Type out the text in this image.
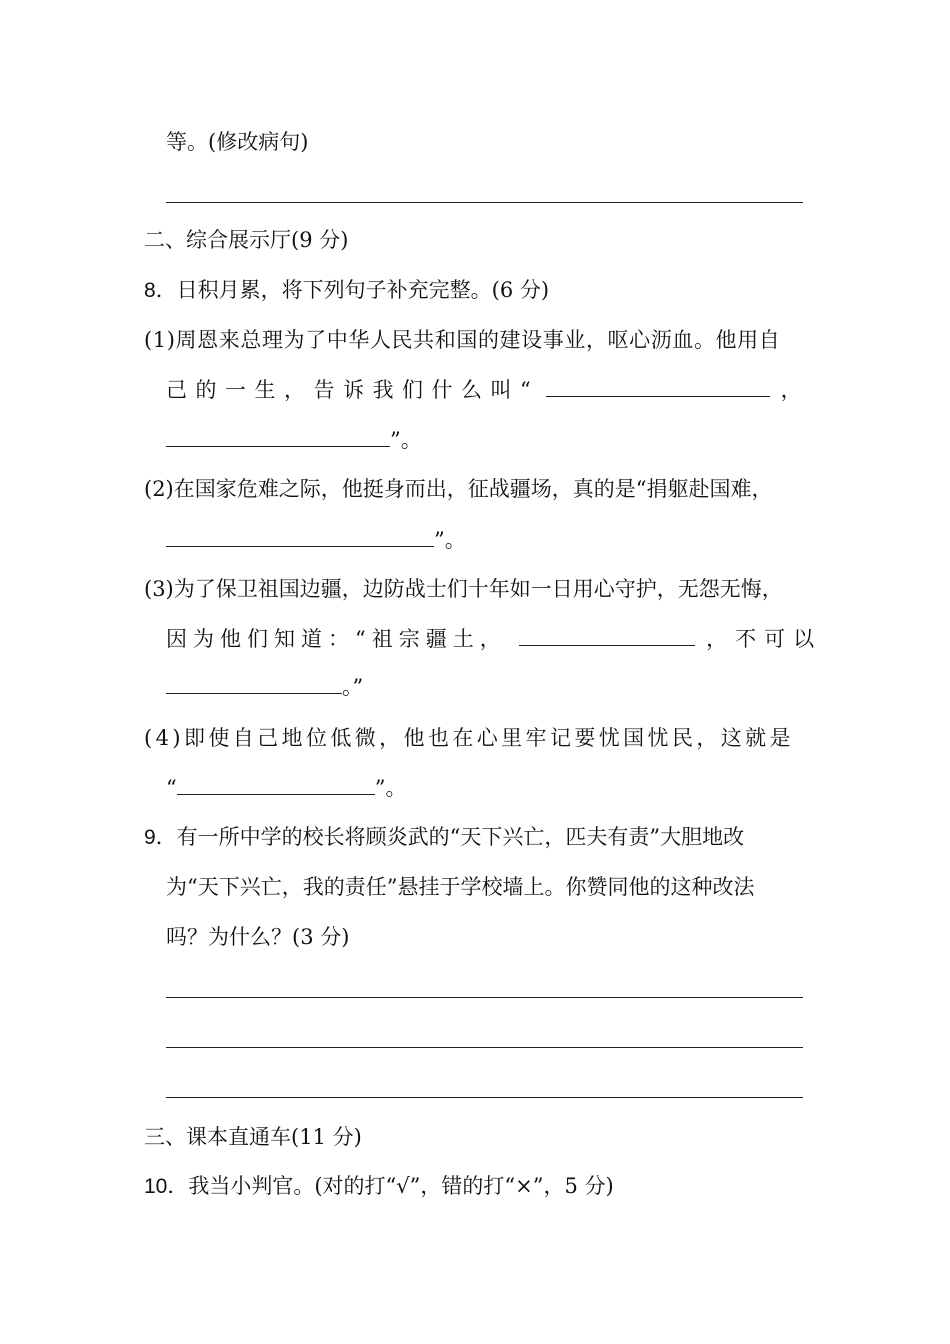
等。(修改病句)
二、综合展示厅(9 分)
8．日积月累，将下列句子补充完整。(6 分)
(1)周恩来总理为了中华人民共和国的建设事业，呕心沥血。他用自
己的一生，告诉我们什么叫“	，
”。
(2)在国家危难之际，他挺身而出，征战疆场，真的是“捐躯赴国难，
”。
(3)为了保卫祖国边疆，边防战士们十年如一日用心守护，无怨无悔，
因为他们知道：“祖宗疆土，	，不可以
。”
(4)即使自己地位低微，他也在心里牢记要忧国忧民，这就是
“	”。
9．有一所中学的校长将顾炎武的“天下兴亡，匹夫有责”大胆地改
为“天下兴亡，我的责任”悬挂于学校墙上。你赞同他的这种改法
吗？为什么？(3 分)
三、课本直通车(11 分)
10．我当小判官。(对的打“√”，错的打“×”，5 分)
